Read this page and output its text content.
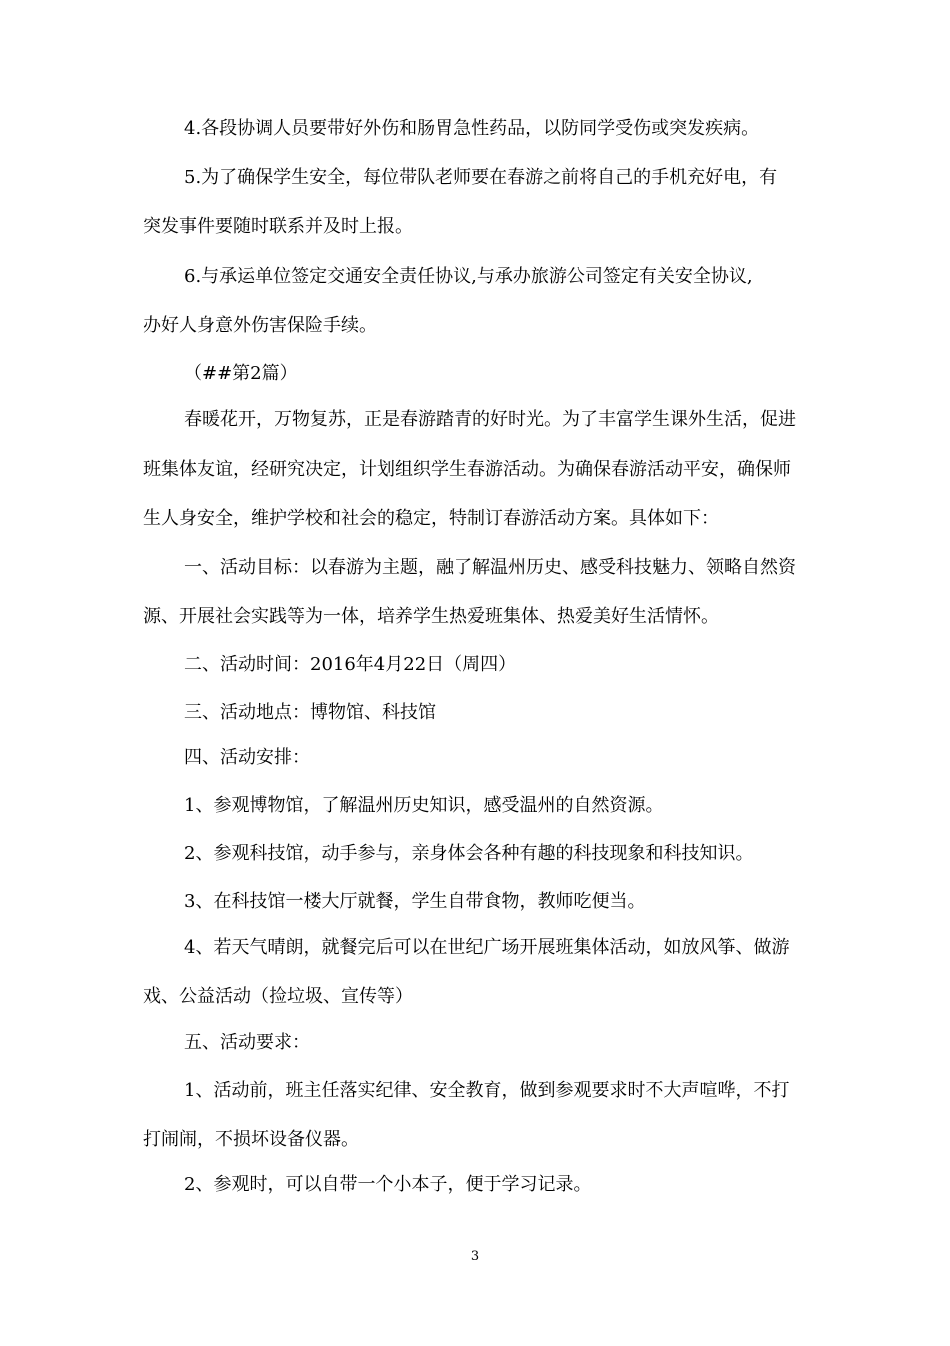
4.各段协调人员要带好外伤和肠胃急性药品，以防同学受伤或突发疾病。

5.为了确保学生安全，每位带队老师要在春游之前将自己的手机充好电，有

突发事件要随时联系并及时上报。

6.与承运单位签定交通安全责任协议,与承办旅游公司签定有关安全协议,

办好人身意外伤害保险手续。

（##第2篇）

春暖花开，万物复苏，正是春游踏青的好时光。为了丰富学生课外生活，促进

班集体友谊，经研究决定，计划组织学生春游活动。为确保春游活动平安，确保师

生人身安全，维护学校和社会的稳定，特制订春游活动方案。具体如下：

一、活动目标：以春游为主题，融了解温州历史、感受科技魅力、领略自然资

源、开展社会实践等为一体，培养学生热爱班集体、热爱美好生活情怀。

二、活动时间：2016年4月22日（周四）

三、活动地点：博物馆、科技馆

四、活动安排：

1、参观博物馆，了解温州历史知识，感受温州的自然资源。

2、参观科技馆，动手参与，亲身体会各种有趣的科技现象和科技知识。

3、在科技馆一楼大厅就餐，学生自带食物，教师吃便当。

4、若天气晴朗，就餐完后可以在世纪广场开展班集体活动，如放风筝、做游

戏、公益活动（捡垃圾、宣传等）

五、活动要求：

1、活动前，班主任落实纪律、安全教育，做到参观要求时不大声喧哗，不打

打闹闹，不损坏设备仪器。

2、参观时，可以自带一个小本子，便于学习记录。

3
